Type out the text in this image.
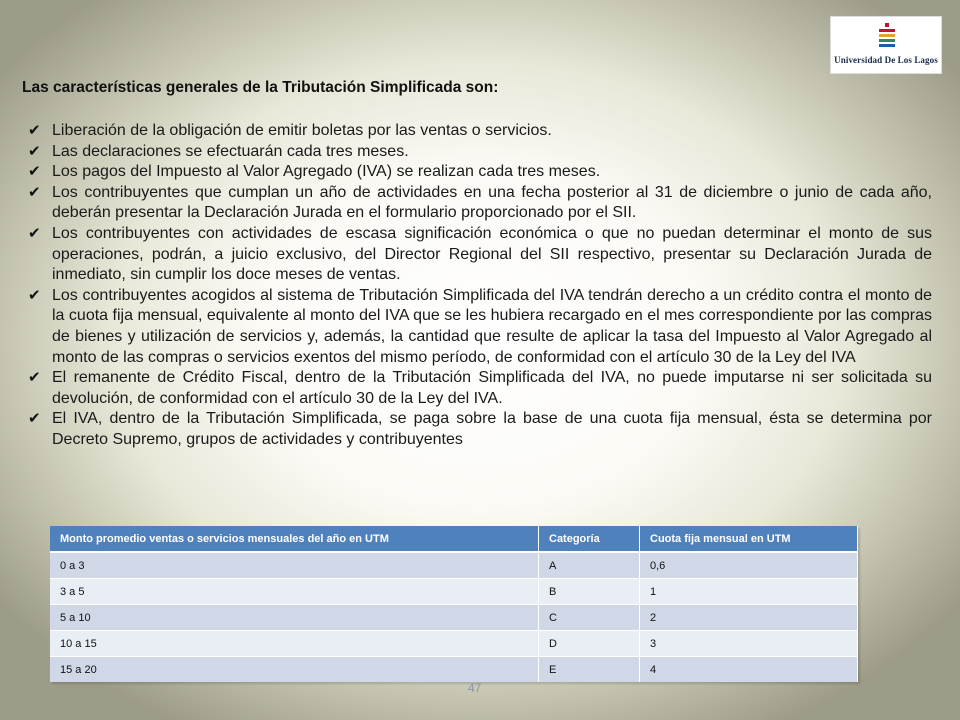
Universidad De Los Lagos
Las características generales de la Tributación Simplificada son:
✔ Liberación de la obligación de emitir boletas por las ventas o servicios.
✔ Las declaraciones se efectuarán cada tres meses.
✔ Los pagos del Impuesto al Valor Agregado (IVA) se realizan cada tres meses.
✔ Los contribuyentes que cumplan un año de actividades en una fecha posterior al 31 de diciembre o junio de cada año, deberán presentar la Declaración Jurada en el formulario proporcionado por el SII.
✔ Los contribuyentes con actividades de escasa significación económica o que no puedan determinar el monto de sus operaciones, podrán, a juicio exclusivo, del Director Regional del SII respectivo, presentar su Declaración Jurada de inmediato, sin cumplir los doce meses de ventas.
✔ Los contribuyentes acogidos al sistema de Tributación Simplificada del IVA tendrán derecho a un crédito contra el monto de la cuota fija mensual, equivalente al monto del IVA que se les hubiera recargado en el mes correspondiente por las compras de bienes y utilización de servicios y, además, la cantidad que resulte de aplicar la tasa del Impuesto al Valor Agregado al monto de las compras o servicios exentos del mismo período, de conformidad con el artículo 30 de la Ley del IVA
✔ El remanente de Crédito Fiscal, dentro de la Tributación Simplificada del IVA, no puede imputarse ni ser solicitada su devolución, de conformidad con el artículo 30 de la Ley del IVA.
✔ El IVA, dentro de la Tributación Simplificada, se paga sobre la base de una cuota fija mensual, ésta se determina por Decreto Supremo, grupos de actividades y contribuyentes
Monto promedio ventas o servicios mensuales del año en UTM	Categoría	Cuota fija mensual en UTM
0 a 3	A	0,6
3 a 5	B	1
5 a 10	C	2
10 a 15	D	3
15 a 20	E	4
47
